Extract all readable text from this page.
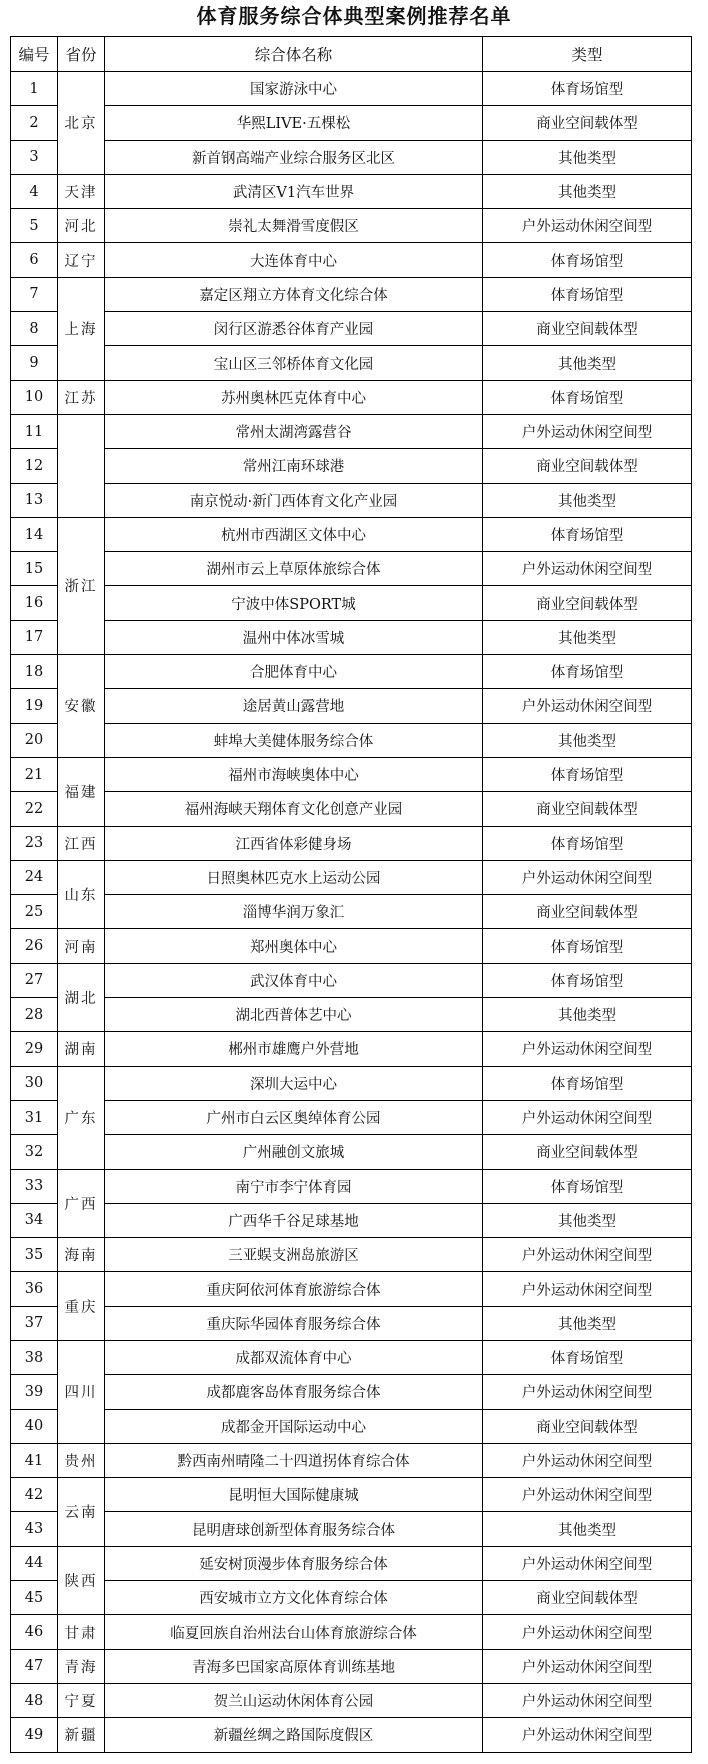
体育服务综合体典型案例推荐名单
编号	省份	综合体名称	类型
1	北京	国家游泳中心	体育场馆型
2		华熙LIVE·五棵松	商业空间载体型
3		新首钢高端产业综合服务区北区	其他类型
4	天津	武清区V1汽车世界	其他类型
5	河北	崇礼太舞滑雪度假区	户外运动休闲空间型
6	辽宁	大连体育中心	体育场馆型
7	上海	嘉定区翔立方体育文化综合体	体育场馆型
8		闵行区游悉谷体育产业园	商业空间载体型
9		宝山区三邻桥体育文化园	其他类型
10	江苏	苏州奥林匹克体育中心	体育场馆型
11		常州太湖湾露营谷	户外运动休闲空间型
12		常州江南环球港	商业空间载体型
13		南京悦动·新门西体育文化产业园	其他类型
14	浙江	杭州市西湖区文体中心	体育场馆型
15		湖州市云上草原体旅综合体	户外运动休闲空间型
16		宁波中体SPORT城	商业空间载体型
17		温州中体冰雪城	其他类型
18	安徽	合肥体育中心	体育场馆型
19		途居黄山露营地	户外运动休闲空间型
20		蚌埠大美健体服务综合体	其他类型
21	福建	福州市海峡奥体中心	体育场馆型
22		福州海峡天翔体育文化创意产业园	商业空间载体型
23	江西	江西省体彩健身场	体育场馆型
24	山东	日照奥林匹克水上运动公园	户外运动休闲空间型
25		淄博华润万象汇	商业空间载体型
26	河南	郑州奥体中心	体育场馆型
27	湖北	武汉体育中心	体育场馆型
28		湖北西普体艺中心	其他类型
29	湖南	郴州市雄鹰户外营地	户外运动休闲空间型
30	广东	深圳大运中心	体育场馆型
31		广州市白云区奥绰体育公园	户外运动休闲空间型
32		广州融创文旅城	商业空间载体型
33	广西	南宁市李宁体育园	体育场馆型
34		广西华千谷足球基地	其他类型
35	海南	三亚蜈支洲岛旅游区	户外运动休闲空间型
36	重庆	重庆阿依河体育旅游综合体	户外运动休闲空间型
37		重庆际华园体育服务综合体	其他类型
38	四川	成都双流体育中心	体育场馆型
39		成都鹿客岛体育服务综合体	户外运动休闲空间型
40		成都金开国际运动中心	商业空间载体型
41	贵州	黔西南州晴隆二十四道拐体育综合体	户外运动休闲空间型
42	云南	昆明恒大国际健康城	户外运动休闲空间型
43		昆明唐球创新型体育服务综合体	其他类型
44	陕西	延安树顶漫步体育服务综合体	户外运动休闲空间型
45		西安城市立方文化体育综合体	商业空间载体型
46	甘肃	临夏回族自治州法台山体育旅游综合体	户外运动休闲空间型
47	青海	青海多巴国家高原体育训练基地	户外运动休闲空间型
48	宁夏	贺兰山运动休闲体育公园	户外运动休闲空间型
49	新疆	新疆丝绸之路国际度假区	户外运动休闲空间型
